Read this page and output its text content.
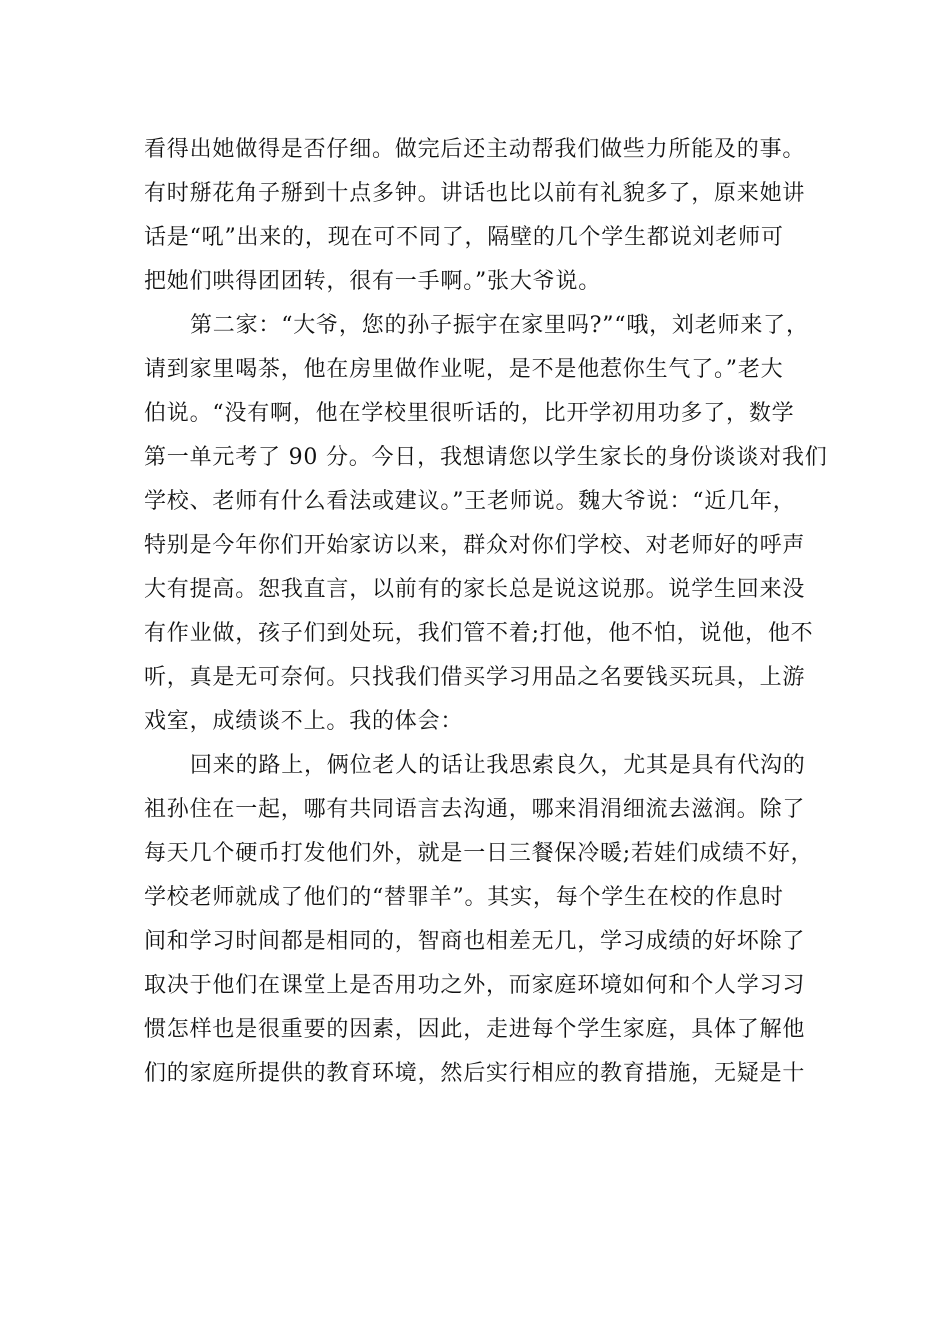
看得出她做得是否仔细。做完后还主动帮我们做些力所能及的事。
有时掰花角子掰到十点多钟。讲话也比以前有礼貌多了，原来她讲
话是“吼”出来的，现在可不同了，隔壁的几个学生都说刘老师可
把她们哄得团团转，很有一手啊。”张大爷说。
第二家：“大爷，您的孙子振宇在家里吗?”“哦，刘老师来了，
请到家里喝茶，他在房里做作业呢，是不是他惹你生气了。”老大
伯说。“没有啊，他在学校里很听话的，比开学初用功多了，数学
第一单元考了 90 分。今日，我想请您以学生家长的身份谈谈对我们
学校、老师有什么看法或建议。”王老师说。魏大爷说：“近几年，
特别是今年你们开始家访以来，群众对你们学校、对老师好的呼声
大有提高。恕我直言，以前有的家长总是说这说那。说学生回来没
有作业做，孩子们到处玩，我们管不着;打他，他不怕，说他，他不
听，真是无可奈何。只找我们借买学习用品之名要钱买玩具，上游
戏室，成绩谈不上。我的体会：
回来的路上，俩位老人的话让我思索良久，尤其是具有代沟的
祖孙住在一起，哪有共同语言去沟通，哪来涓涓细流去滋润。除了
每天几个硬币打发他们外，就是一日三餐保冷暖;若娃们成绩不好，
学校老师就成了他们的“替罪羊”。其实，每个学生在校的作息时
间和学习时间都是相同的，智商也相差无几，学习成绩的好坏除了
取决于他们在课堂上是否用功之外，而家庭环境如何和个人学习习
惯怎样也是很重要的因素，因此，走进每个学生家庭，具体了解他
们的家庭所提供的教育环境，然后实行相应的教育措施，无疑是十
